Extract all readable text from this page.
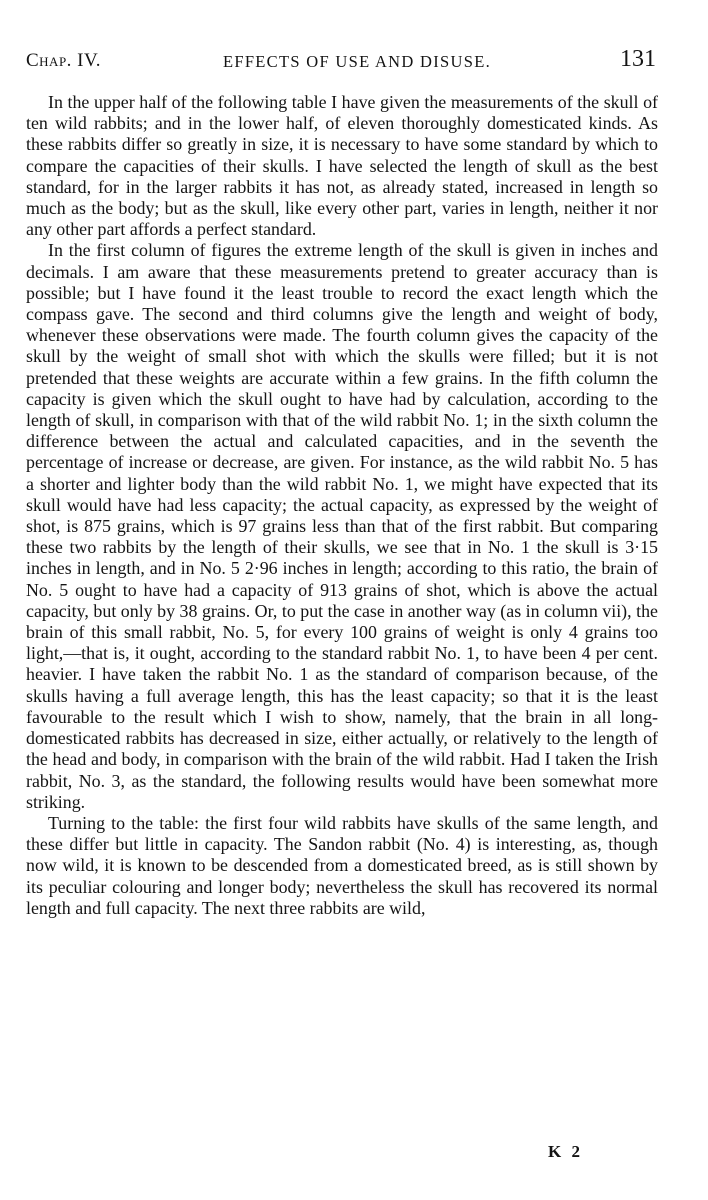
Chap. IV.	EFFECTS OF USE AND DISUSE.	131

In the upper half of the following table I have given the measurements of the skull of ten wild rabbits; and in the lower half, of eleven thoroughly domesticated kinds. As these rabbits differ so greatly in size, it is necessary to have some standard by which to compare the capacities of their skulls. I have selected the length of skull as the best standard, for in the larger rabbits it has not, as already stated, increased in length so much as the body; but as the skull, like every other part, varies in length, neither it nor any other part affords a perfect standard.

In the first column of figures the extreme length of the skull is given in inches and decimals. I am aware that these measurements pretend to greater accuracy than is possible; but I have found it the least trouble to record the exact length which the compass gave. The second and third columns give the length and weight of body, whenever these observations were made. The fourth column gives the capacity of the skull by the weight of small shot with which the skulls were filled; but it is not pretended that these weights are accurate within a few grains. In the fifth column the capacity is given which the skull ought to have had by calculation, according to the length of skull, in comparison with that of the wild rabbit No. 1; in the sixth column the difference between the actual and calculated capacities, and in the seventh the percentage of increase or decrease, are given. For instance, as the wild rabbit No. 5 has a shorter and lighter body than the wild rabbit No. 1, we might have expected that its skull would have had less capacity; the actual capacity, as expressed by the weight of shot, is 875 grains, which is 97 grains less than that of the first rabbit. But comparing these two rabbits by the length of their skulls, we see that in No. 1 the skull is 3·15 inches in length, and in No. 5 2·96 inches in length; according to this ratio, the brain of No. 5 ought to have had a capacity of 913 grains of shot, which is above the actual capacity, but only by 38 grains. Or, to put the case in another way (as in column vii), the brain of this small rabbit, No. 5, for every 100 grains of weight is only 4 grains too light,—that is, it ought, according to the standard rabbit No. 1, to have been 4 per cent. heavier. I have taken the rabbit No. 1 as the standard of comparison because, of the skulls having a full average length, this has the least capacity; so that it is the least favourable to the result which I wish to show, namely, that the brain in all long-domesticated rabbits has decreased in size, either actually, or relatively to the length of the head and body, in comparison with the brain of the wild rabbit. Had I taken the Irish rabbit, No. 3, as the standard, the following results would have been somewhat more striking.

Turning to the table: the first four wild rabbits have skulls of the same length, and these differ but little in capacity. The Sandon rabbit (No. 4) is interesting, as, though now wild, it is known to be descended from a domesticated breed, as is still shown by its peculiar colouring and longer body; nevertheless the skull has recovered its normal length and full capacity. The next three rabbits are wild,

K 2
